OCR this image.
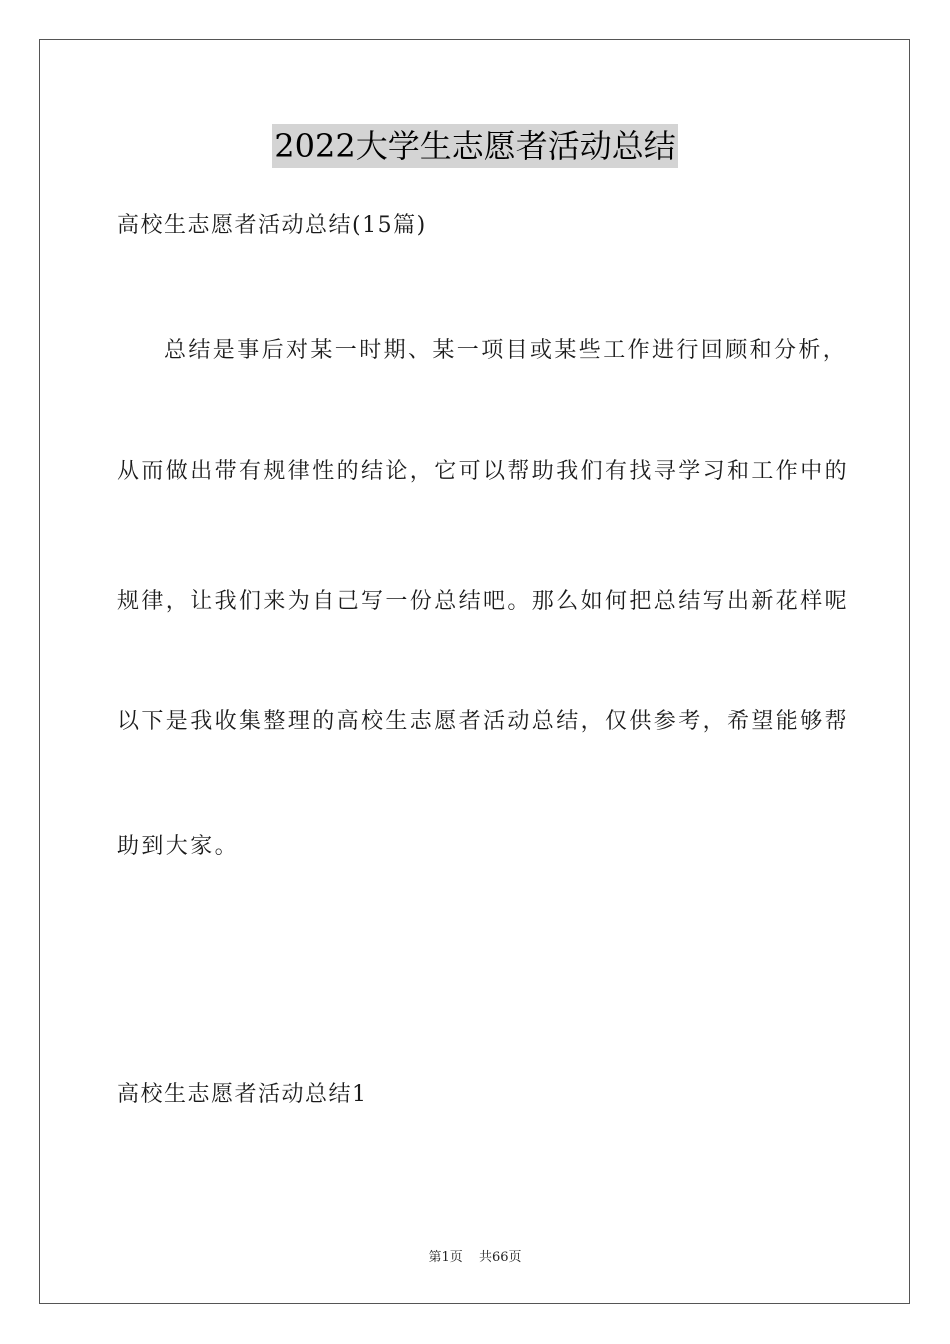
2022大学生志愿者活动总结
高校生志愿者活动总结(15篇)
总结是事后对某一时期、某一项目或某些工作进行回顾和分析，
从而做出带有规律性的结论，它可以帮助我们有找寻学习和工作中的
规律，让我们来为自己写一份总结吧。那么如何把总结写出新花样呢
以下是我收集整理的高校生志愿者活动总结，仅供参考，希望能够帮
助到大家。
高校生志愿者活动总结1
第1页 共66页
